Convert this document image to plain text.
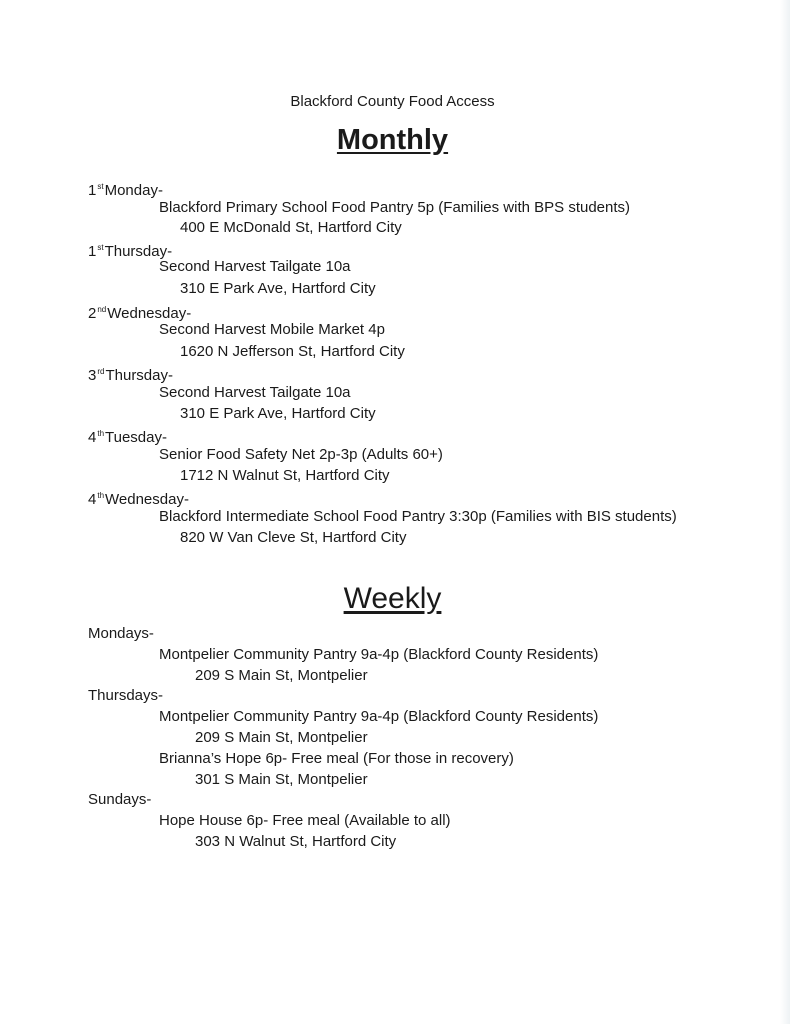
Blackford County Food Access
Monthly
1stMonday-
Blackford Primary School Food Pantry 5p (Families with BPS students)
400 E McDonald St, Hartford City
1stThursday-
Second Harvest Tailgate 10a
310 E Park Ave, Hartford City
2ndWednesday-
Second Harvest Mobile Market 4p
1620 N Jefferson St, Hartford City
3rdThursday-
Second Harvest Tailgate 10a
310 E Park Ave, Hartford City
4thTuesday-
Senior Food Safety Net 2p-3p (Adults 60+)
1712 N Walnut St, Hartford City
4thWednesday-
Blackford Intermediate School Food Pantry 3:30p (Families with BIS students)
820 W Van Cleve St, Hartford City
Weekly
Mondays-
Montpelier Community Pantry 9a-4p (Blackford County Residents)
209 S Main St, Montpelier
Thursdays-
Montpelier Community Pantry 9a-4p (Blackford County Residents)
209 S Main St, Montpelier
Brianna’s Hope 6p- Free meal (For those in recovery)
301 S Main St, Montpelier
Sundays-
Hope House 6p- Free meal (Available to all)
303 N Walnut St, Hartford City
